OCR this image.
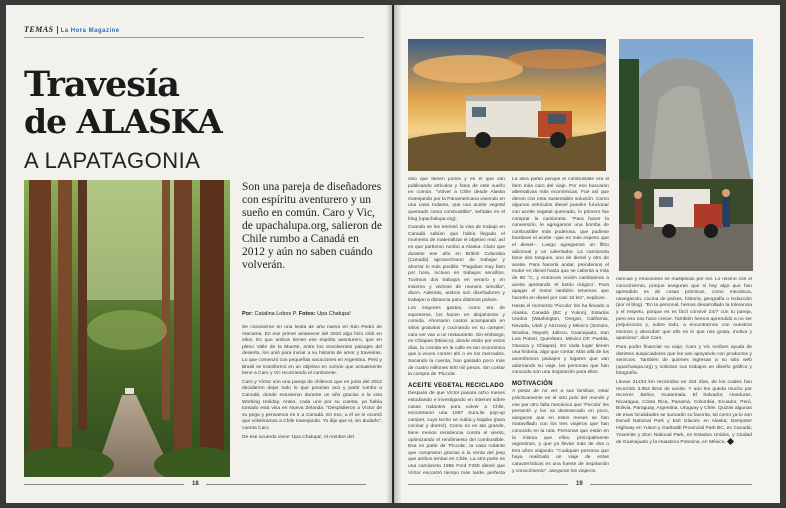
TEMAS La Hora Magazine
Travesía
de ALASKA
A LAPATAGONIA
Son una pareja de diseñadores con espíritu aventurero y un sueño en común. Caro y Vic, de upachalupa.org, salieron de Chile rumbo a Canadá en 2012 y aún no saben cuándo volverán.
Por: Catalina Lobos P. Fotos: Upa Chalupa!

Se conocieron en una fiesta de año nuevo en San Pedro de Atacama. En ese primer amanecer del 2010 algo hizo click en ellos. Es que ambos tienen ese espíritu aventurero, que en pleno Valle de la Muerte, entre los envolventes paisajes del desierto, los unió para iniciar a su historia de amor y travesías. Lo que comenzó con pequeñas vacaciones en Argentina, Perú y Brasil se transformó en un objetivo en común que actualmente tiene a Caro y Vic recorriendo el continente.

Caro y Víctor son una pareja de chilenos que en junio del 2012 decidieron dejar todo lo que poseían acá y partir rumbo a Canadá, donde estuvieron durante un año gracias a la visa Working Holiday. Antes, cada uno por su cuenta, ya había tomado esta visa en Nueva Zelanda. "Desplidieron a Víctor de su pega y pensamos en ir a Canadá. En eso, a él se le ocurrió que volviéramos a Chile manejando. Yo dije que sí, sin dudarlo", cuenta Caro.

De ese acuerdo viene 'Upa Chalupa', el nombre del

18

sitio que tienen juntos y en el que van publicando artículos y fotos de este sueño en común. "Volver a Chile desde Alaska manejando por la Panamericana viviendo en una casa rodante, que usa aceite vegetal quemado como combustible", señalan en el blog (upachalupa.org).

Cuando se les terminó la visa de trabajo en Canadá sabían que había llegado el momento de materializar el objetivo real, así es que partieron rumbo a Alaska. Claro que durante ese año en British Columbia (Canadá) aprovecharon de trabajar y ahorrar lo más posible. "Pagabas muy bien por hora, incluso en trabajos sencillos. Tuvimos dos trabajos en verano y en invierno y vivimos de manera sencilla", dicen. Además, ambos son diseñadores y trabajan a distancia para distintos países.

Los mayores gastos, como era de suponerse, los hacen en alojamiento y comida. Ahorraron costos acampando en sitios gratuitos y cocinando en su camper; cara ver van a un restaurante. Sin embargo, en Chiapas (México), donde están por estos días, la comida en la calle es tan económica que a veces comen ahí o en los mercados. Sacando la cuenta, han gastado poco más de cuatro millones 500 mil pesos. Sin contar la compra de 'Piccola'.

ACEITE VEGETAL RECICLADO

Después de que Víctor pasara ocho meses estudiando e investigando en internet sobre casas rodantes para volver a Chile, encontraron una 1997 SunLite pop-up camper, cuyo techo se subía y bajaba (para cocinar y dormir). Como no es tan grande, tiene menos resistencia contra el viento, optimizando el rendimiento del combustible. Esa es parte de 'Piccola', la casa rodante que compraron gracias a la venta del jeep que ambos tenían en Chile. La otra parte es una camioneta 1996 Ford F250 diesel que Víctor encontró tiempo más tarde, perfecta

La idea partió porque el combustible era el ítem más caro del viaje. Por eso buscaron alternativas más económicas. Fue así que dieron con esta sustentable solución. Como algunos vehículos diesel pueden funcionar con aceite vegetal quemado, lo primero fue comprar la camioneta. "Para hacer la conversión, le agregamos una bomba de combustible más poderosa, que pudiese bombear el aceite –que es más espeso que el diesel–. Luego agregamos un filtro adicional y un calentador. La camioneta tiene dos tanques, uno de diesel y otro de aceite. Para hacerla andar, prendemos el motor en diesel hasta que se calienta a más de 80 °C, y entonces recién cambiamos a aceite apretando 'el botón mágico'. Para apagar el motor también tenemos que hacerlo en diesel por casi 10 km", explican.

Hasta el momento 'Piccola' los ha llevado a Alaska, Canadá (BC y Yukon), Estados Unidos (Washington, Oregon, California, Nevada, Utah y Arizona) y México (Sonora, Sinaloa, Nayarit, Jalisco, Guanajuato, San Luis Potosí, Querétaro, México DF, Puebla, Oaxaca y Chiapas). En cada lugar tienen una historia, algo que contar. Más allá de los asombrosos paisajes y lugares que van adornando su viaje, las personas que han conocido son una inspiración para ellos.

MOTIVACIÓN

A pesar de no ver a sus familias, estar prácticamente en el otro polo del mundo y ese par otro falta mecánica que 'Piccola' les presentó y los va destrancado en poco, aseguran que en estos meses se han maravillado con los tres viajeros que han conocido en la ruta. Personas que están en la misma que ellos, principalmente argentinos, y que ya llevan más de dos o tres años viajando. "Cualquier persona que haya realizado un viaje de estas características es una fuente de inspiración y conocimiento", aseguran los viajeros.

riencias y emociones se multiplican por mil. Lo mismo con el conocimiento, porque aseguran que si hay algo que han aprendido es de cosas prácticas, como mecánica, navegación, cocina de países, historia, geografía o redacción (por el blog). "En la personal, hemos desarrollado la tolerancia y el respeto, porque es es fácil convivir 24/7 con tu pareja, pero eso nos hace crecer. También hemos aprendido a no ser prejuiciosos y, sobre todo, a encontrarnos con nuestros mismos y descubrir que ello es lo que nos gusta, motiva y apasiona", dice Caro.

Para poder financiar su viaje, Caro y Vic reciben ayuda de distintos auspiciadores que les van apoyando con productos y servicios. También de quienes ingresan a su sitio web (upachalupa.org) y solicitan sus trabajos en diseño gráfico y fotografía.

Llevan 21434 km recorridos en 424 días, de los cuales han recorrido 3.853 litros de aceite. Y aún les queda mucho por recorrer: Belice, Guatemala, El Salvador, Honduras, Nicaragua, Costa Rica, Panamá, Colombia, Ecuador, Perú, Bolivia, Paraguay, Argentina, Uruguay y Chile. Quizás algunas de esas localidades se sumarán su favorita, tal como ya lo son Denali National Park y Exit Glacier, en Alaska; Dempster Highway en Yukon y Garibaldi Provincial Park BC, en Canadá; Yosemite y Zion National Park, en Estados Unidos, y Ciudad de Guanajuato y la Huasteca Potosina, en México.

19
